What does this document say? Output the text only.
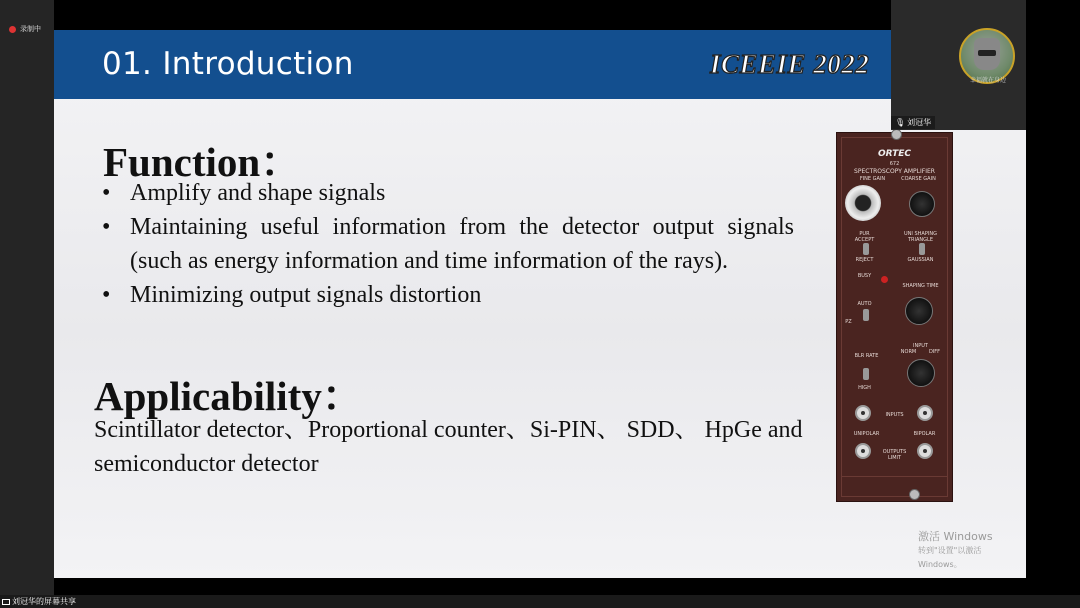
录制中
01. Introduction	ICEEIE 2022
Function：
• Amplify and shape signals
• Maintaining useful information from the detector output signals (such as energy information and time information of the rays).
• Minimizing output signals distortion
Applicability：
Scintillator detector、Proportional counter、Si-PIN、 SDD、 HpGe and semiconductor detector
ORTEC
672
SPECTROSCOPY AMPLIFIER
FINE GAIN	COARSE GAIN
PUR
ACCEPT
REJECT
UNI SHAPING
TRIANGLE
GAUSSIAN
BUSY
SHAPING TIME
AUTO
PZ
BLR RATE
INPUT
NORM	DIFF
HIGH
INPUTS
UNIPOLAR	BIPOLAR
OUTPUTS
LIMIT
激活 Windows
转到"设置"以激活 Windows。
幸福就在身边
🎙 刘冠华
刘冠华的屏幕共享
